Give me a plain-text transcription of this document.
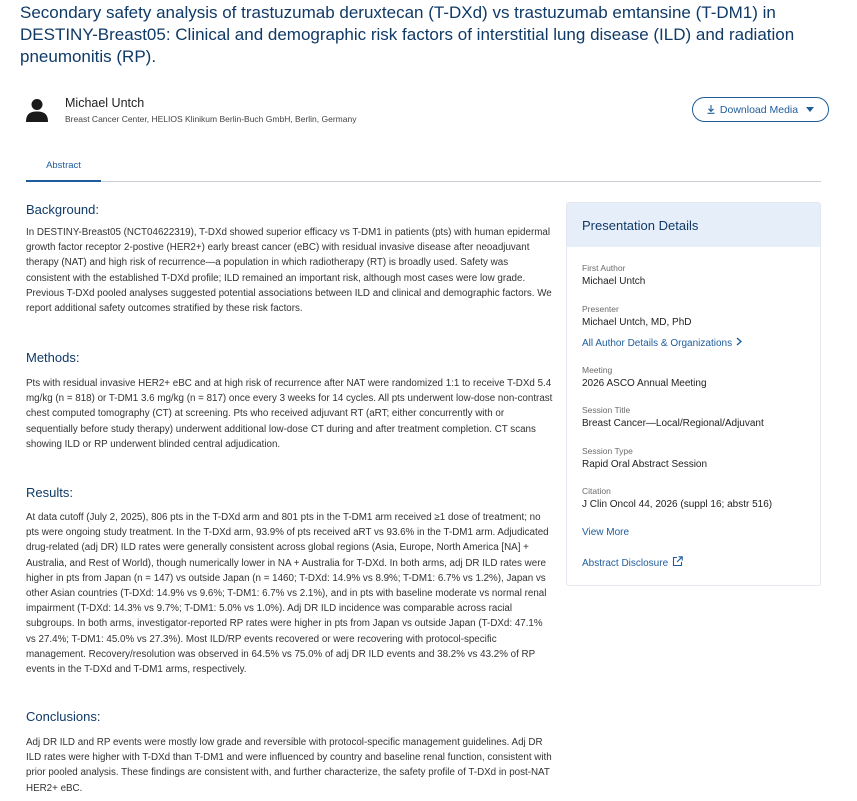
Secondary safety analysis of trastuzumab deruxtecan (T-DXd) vs trastuzumab emtansine (T-DM1) in DESTINY-Breast05: Clinical and demographic risk factors of interstitial lung disease (ILD) and radiation pneumonitis (RP).
Michael Untch
Breast Cancer Center, HELIOS Klinikum Berlin-Buch GmbH, Berlin, Germany
Download Media
Abstract
Background:
In DESTINY-Breast05 (NCT04622319), T-DXd showed superior efficacy vs T-DM1 in patients (pts) with human epidermal growth factor receptor 2-postive (HER2+) early breast cancer (eBC) with residual invasive disease after neoadjuvant therapy (NAT) and high risk of recurrence—a population in which radiotherapy (RT) is broadly used. Safety was consistent with the established T-DXd profile; ILD remained an important risk, although most cases were low grade. Previous T-DXd pooled analyses suggested potential associations between ILD and clinical and demographic factors. We report additional safety outcomes stratified by these risk factors.
Methods:
Pts with residual invasive HER2+ eBC and at high risk of recurrence after NAT were randomized 1:1 to receive T-DXd 5.4 mg/kg (n = 818) or T-DM1 3.6 mg/kg (n = 817) once every 3 weeks for 14 cycles. All pts underwent low-dose non-contrast chest computed tomography (CT) at screening. Pts who received adjuvant RT (aRT; either concurrently with or sequentially before study therapy) underwent additional low-dose CT during and after treatment completion. CT scans showing ILD or RP underwent blinded central adjudication.
Results:
At data cutoff (July 2, 2025), 806 pts in the T-DXd arm and 801 pts in the T-DM1 arm received ≥1 dose of treatment; no pts were ongoing study treatment. In the T-DXd arm, 93.9% of pts received aRT vs 93.6% in the T-DM1 arm. Adjudicated drug-related (adj DR) ILD rates were generally consistent across global regions (Asia, Europe, North America [NA] + Australia, and Rest of World), though numerically lower in NA + Australia for T-DXd. In both arms, adj DR ILD rates were higher in pts from Japan (n = 147) vs outside Japan (n = 1460; T-DXd: 14.9% vs 8.9%; T-DM1: 6.7% vs 1.2%), Japan vs other Asian countries (T-DXd: 14.9% vs 9.6%; T-DM1: 6.7% vs 2.1%), and in pts with baseline moderate vs normal renal impairment (T-DXd: 14.3% vs 9.7%; T-DM1: 5.0% vs 1.0%). Adj DR ILD incidence was comparable across racial subgroups. In both arms, investigator-reported RP rates were higher in pts from Japan vs outside Japan (T-DXd: 47.1% vs 27.4%; T-DM1: 45.0% vs 27.3%). Most ILD/RP events recovered or were recovering with protocol-specific management. Recovery/resolution was observed in 64.5% vs 75.0% of adj DR ILD events and 38.2% vs 43.2% of RP events in the T-DXd and T-DM1 arms, respectively.
Conclusions:
Adj DR ILD and RP events were mostly low grade and reversible with protocol-specific management guidelines. Adj DR ILD rates were higher with T-DXd than T-DM1 and were influenced by country and baseline renal function, consistent with prior pooled analysis. These findings are consistent with, and further characterize, the safety profile of T-DXd in post-NAT HER2+ eBC.
Presentation Details
First Author
Michael Untch
Presenter
Michael Untch, MD, PhD
All Author Details & Organizations
Meeting
2026 ASCO Annual Meeting
Session Title
Breast Cancer—Local/Regional/Adjuvant
Session Type
Rapid Oral Abstract Session
Citation
J Clin Oncol 44, 2026 (suppl 16; abstr 516)
View More
Abstract Disclosure
